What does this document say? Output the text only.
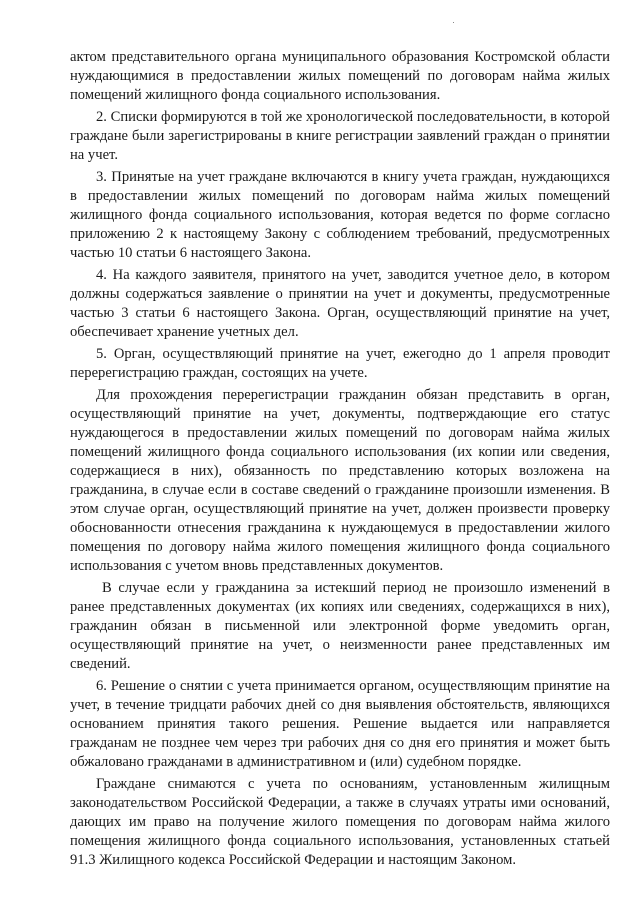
актом представительного органа муниципального образования Костромской области нуждающимися в предоставлении жилых помещений по договорам найма жилых помещений жилищного фонда социального использования.

2. Списки формируются в той же хронологической последовательности, в которой граждане были зарегистрированы в книге регистрации заявлений граждан о принятии на учет.

3. Принятые на учет граждане включаются в книгу учета граждан, нуждающихся в предоставлении жилых помещений по договорам найма жилых помещений жилищного фонда социального использования, которая ведется по форме согласно приложению 2 к настоящему Закону с соблюдением требований, предусмотренных частью 10 статьи 6 настоящего Закона.

4. На каждого заявителя, принятого на учет, заводится учетное дело, в котором должны содержаться заявление о принятии на учет и документы, предусмотренные частью 3 статьи 6 настоящего Закона. Орган, осуществляющий принятие на учет, обеспечивает хранение учетных дел.

5. Орган, осуществляющий принятие на учет, ежегодно до 1 апреля проводит перерегистрацию граждан, состоящих на учете.

Для прохождения перерегистрации гражданин обязан представить в орган, осуществляющий принятие на учет, документы, подтверждающие его статус нуждающегося в предоставлении жилых помещений по договорам найма жилых помещений жилищного фонда социального использования (их копии или сведения, содержащиеся в них), обязанность по представлению которых возложена на гражданина, в случае если в составе сведений о гражданине произошли изменения. В этом случае орган, осуществляющий принятие на учет, должен произвести проверку обоснованности отнесения гражданина к нуждающемуся в предоставлении жилого помещения по договору найма жилого помещения жилищного фонда социального использования с учетом вновь представленных документов.

В случае если у гражданина за истекший период не произошло изменений в ранее представленных документах (их копиях или сведениях, содержащихся в них), гражданин обязан в письменной или электронной форме уведомить орган, осуществляющий принятие на учет, о неизменности ранее представленных им сведений.

6. Решение о снятии с учета принимается органом, осуществляющим принятие на учет, в течение тридцати рабочих дней со дня выявления обстоятельств, являющихся основанием принятия такого решения. Решение выдается или направляется гражданам не позднее чем через три рабочих дня со дня его принятия и может быть обжаловано гражданами в административном и (или) судебном порядке.

Граждане снимаются с учета по основаниям, установленным жилищным законодательством Российской Федерации, а также в случаях утраты ими оснований, дающих им право на получение жилого помещения по договорам найма жилого помещения жилищного фонда социального использования, установленных статьей 91.3 Жилищного кодекса Российской Федерации и настоящим Законом.
